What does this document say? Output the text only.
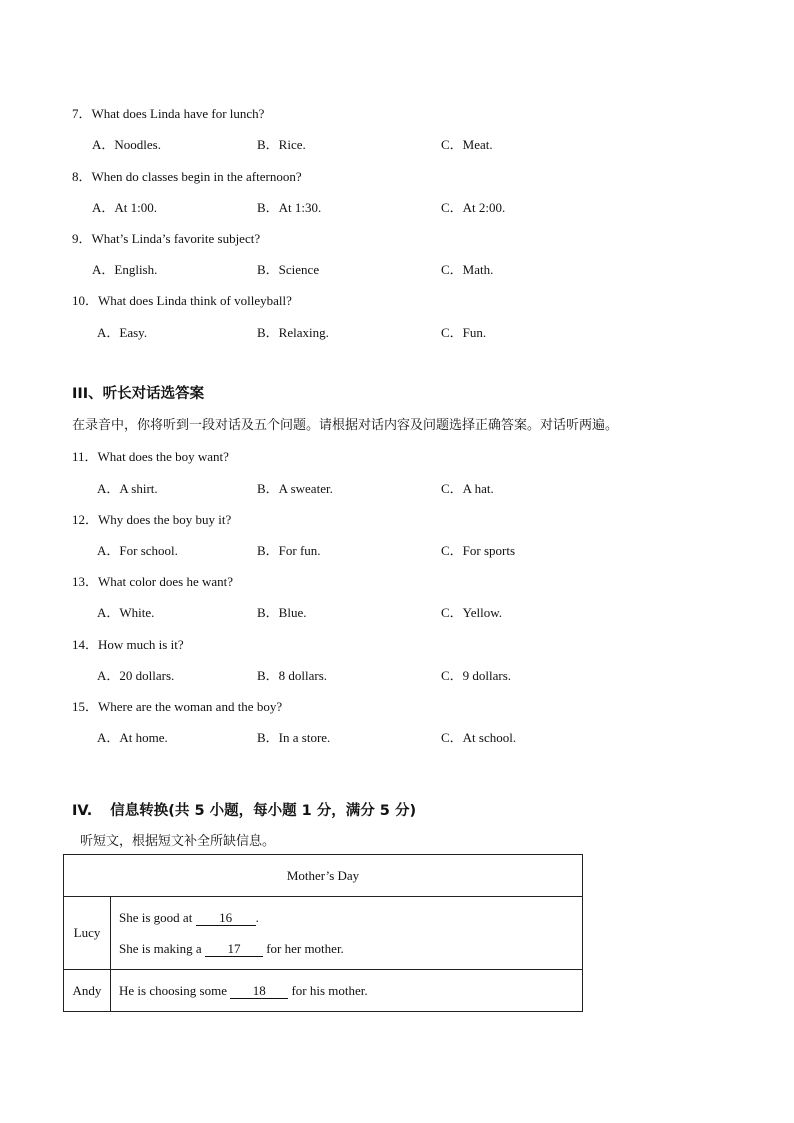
7．What does Linda have for lunch?
A．Noodles.	B．Rice.	C．Meat.
8．When do classes begin in the afternoon?
A．At 1:00.	B．At 1:30.	C．At 2:00.
9．What’s Linda’s favorite subject?
A．English.	B．Science	C．Math.
10．What does Linda think of volleyball?
A．Easy.	B．Relaxing.	C．Fun.
III、听长对话选答案
在录音中，你将听到一段对话及五个问题。请根据对话内容及问题选择正确答案。对话听两遍。
11．What does the boy want?
A．A shirt.	B．A sweater.	C．A hat.
12．Why does the boy buy it?
A．For school.	B．For fun.	C．For sports
13．What color does he want?
A．White.	B．Blue.	C．Yellow.
14．How much is it?
A．20 dollars.	B．8 dollars.	C．9 dollars.
15．Where are the woman and the boy?
A．At home.	B．In a store.	C．At school.
IV. 信息转换(共 5 小题，每小题 1 分，满分 5 分)
听短文，根据短文补全所缺信息。
Mother’s Day	
Lucy	She is good at 16 .
She is making a 17 for her mother.

Andy	He is choosing some 18 for his mother.
